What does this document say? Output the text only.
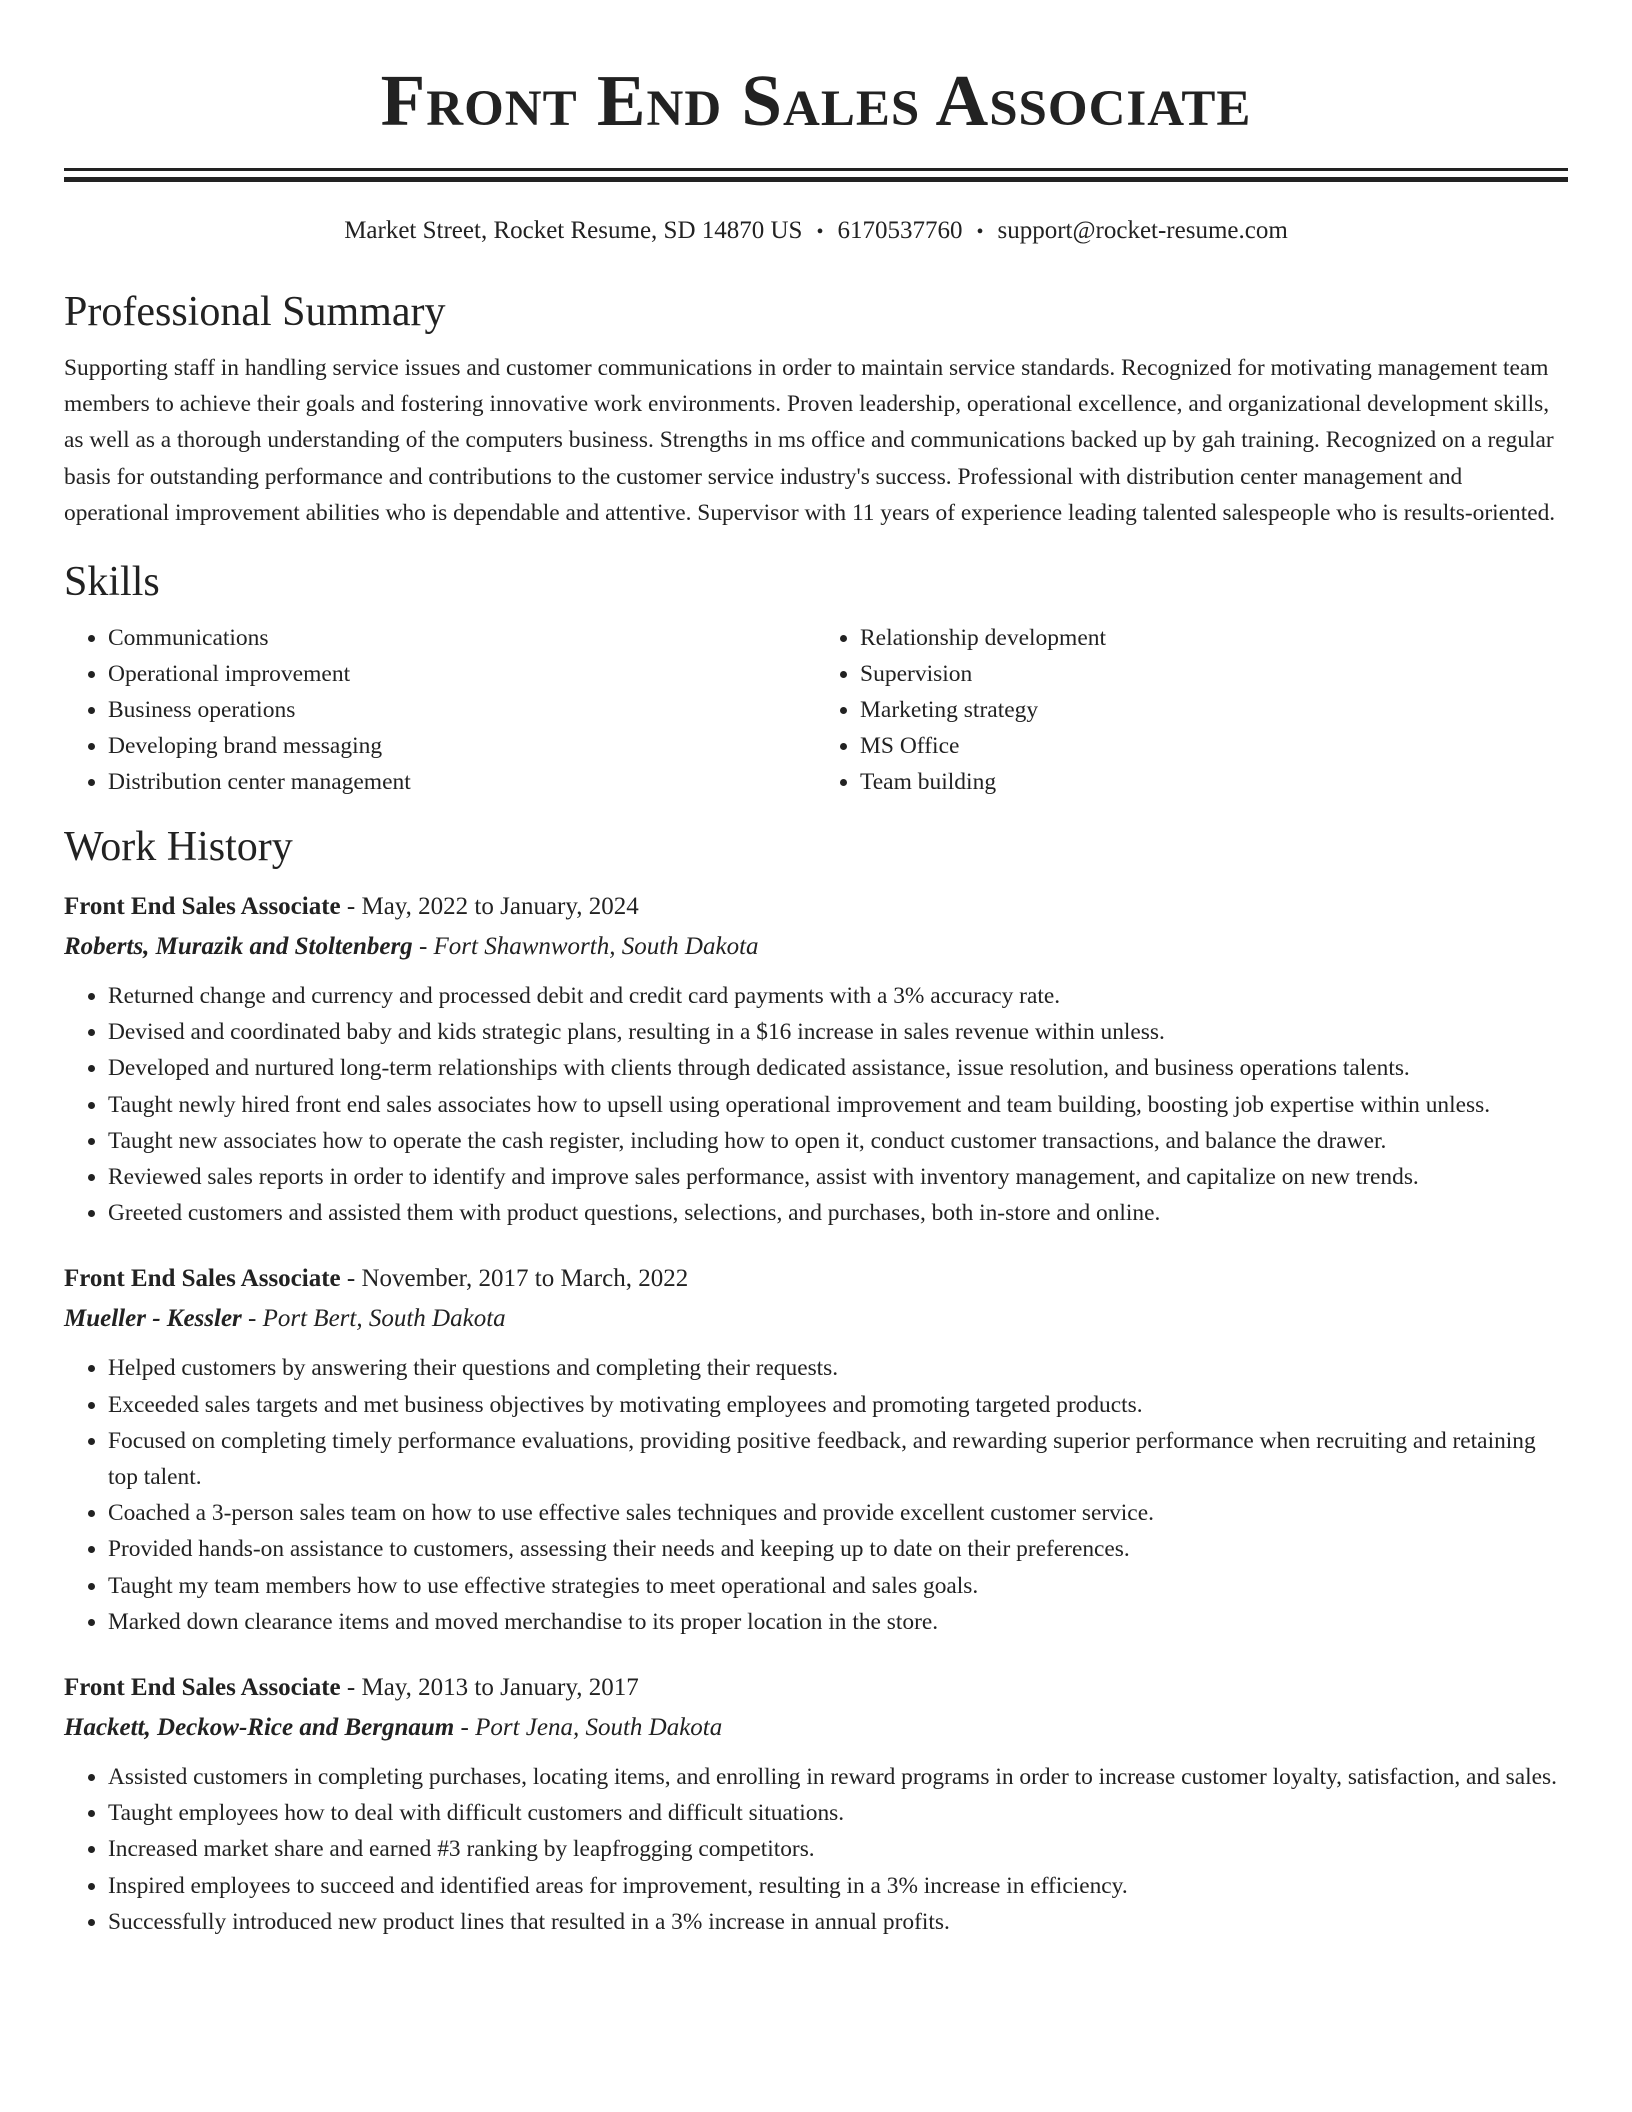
Front End Sales Associate
Market Street, Rocket Resume, SD 14870 US • 6170537760 • support@rocket-resume.com
Professional Summary

Supporting staff in handling service issues and customer communications in order to maintain service standards. Recognized for motivating management team members to achieve their goals and fostering innovative work environments. Proven leadership, operational excellence, and organizational development skills, as well as a thorough understanding of the computers business. Strengths in ms office and communications backed up by gah training. Recognized on a regular basis for outstanding performance and contributions to the customer service industry's success. Professional with distribution center management and operational improvement abilities who is dependable and attentive. Supervisor with 11 years of experience leading talented salespeople who is results-oriented.

Skills
• Communications
• Operational improvement
• Business operations
• Developing brand messaging
• Distribution center management
• Relationship development
• Supervision
• Marketing strategy
• MS Office
• Team building
Work History
Front End Sales Associate - May, 2022 to January, 2024
Roberts, Murazik and Stoltenberg - Fort Shawnworth, South Dakota
• Returned change and currency and processed debit and credit card payments with a 3% accuracy rate.
• Devised and coordinated baby and kids strategic plans, resulting in a $16 increase in sales revenue within unless.
• Developed and nurtured long-term relationships with clients through dedicated assistance, issue resolution, and business operations talents.
• Taught newly hired front end sales associates how to upsell using operational improvement and team building, boosting job expertise within unless.
• Taught new associates how to operate the cash register, including how to open it, conduct customer transactions, and balance the drawer.
• Reviewed sales reports in order to identify and improve sales performance, assist with inventory management, and capitalize on new trends.
• Greeted customers and assisted them with product questions, selections, and purchases, both in-store and online.
Front End Sales Associate - November, 2017 to March, 2022
Mueller - Kessler - Port Bert, South Dakota
• Helped customers by answering their questions and completing their requests.
• Exceeded sales targets and met business objectives by motivating employees and promoting targeted products.
• Focused on completing timely performance evaluations, providing positive feedback, and rewarding superior performance when recruiting and retaining top talent.
• Coached a 3-person sales team on how to use effective sales techniques and provide excellent customer service.
• Provided hands-on assistance to customers, assessing their needs and keeping up to date on their preferences.
• Taught my team members how to use effective strategies to meet operational and sales goals.
• Marked down clearance items and moved merchandise to its proper location in the store.
Front End Sales Associate - May, 2013 to January, 2017
Hackett, Deckow-Rice and Bergnaum - Port Jena, South Dakota
• Assisted customers in completing purchases, locating items, and enrolling in reward programs in order to increase customer loyalty, satisfaction, and sales.
• Taught employees how to deal with difficult customers and difficult situations.
• Increased market share and earned #3 ranking by leapfrogging competitors.
• Inspired employees to succeed and identified areas for improvement, resulting in a 3% increase in efficiency.
• Successfully introduced new product lines that resulted in a 3% increase in annual profits.
